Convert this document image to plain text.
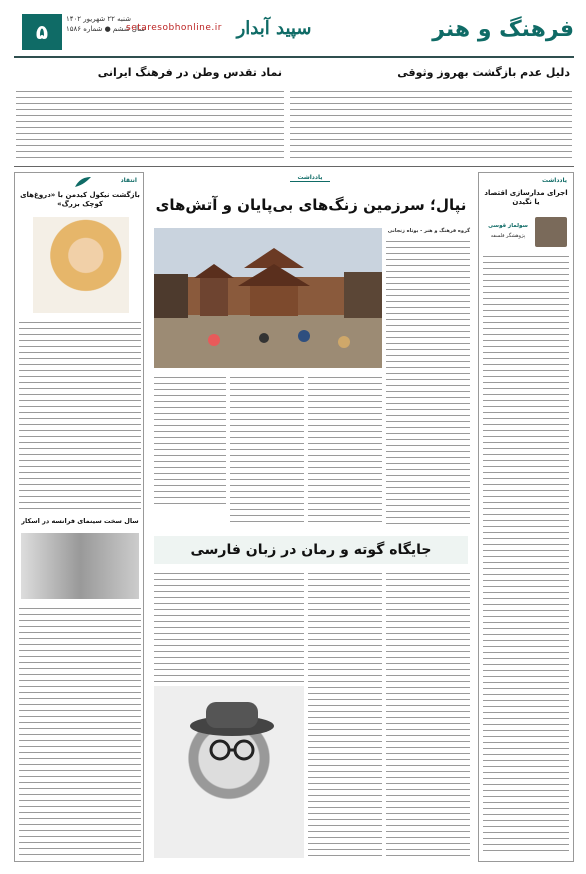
۵
شنبه ۲۲ شهریور ۱۴۰۲
سال ششم ● شماره ۱۵۸۶
setaresobhonline.ir سپید آبدار	فرهنگ و هنر
دلیل عدم بازگشت بهروز وثوقی
نماد تقدس وطن در فرهنگ ایرانی
یادداشت
اجرای مدارسازی اقتصاد یا نگیدن
سولماز قوسی
پژوهشگر فلسفه
یادداشت
نپال؛ سرزمین زنگ‌های بی‌پایان و آتش‌های
گروه فرهنگ و هنر - یوتاه زنجانی
انتقاد
بازگشت نیکول کیدمن با «دروغ‌های کوچک بزرگ»
سال سخت سینمای فرانسه در اسکار
جایگاه گوته و رمان در زبان فارسی
